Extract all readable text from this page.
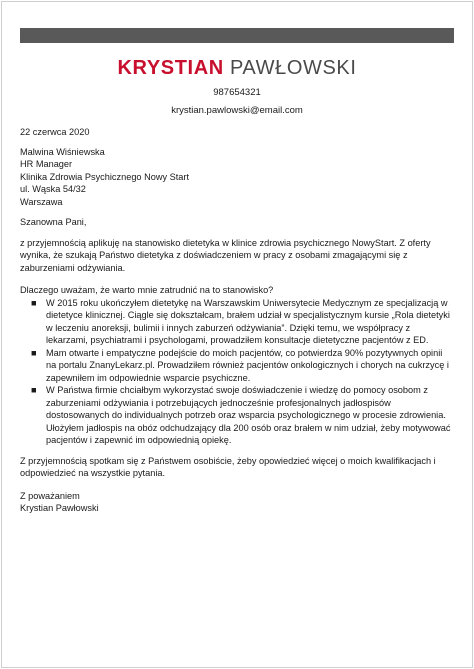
KRYSTIAN PAWŁOWSKI
987654321
krystian.pawlowski@email.com
22 czerwca 2020
Malwina Wiśniewska
HR Manager
Klinika Zdrowia Psychicznego Nowy Start
ul. Wąska 54/32
Warszawa
Szanowna Pani,

z przyjemnością aplikuję na stanowisko dietetyka w klinice zdrowia psychicznego NowyStart. Z oferty wynika, że szukają Państwo dietetyka z doświadczeniem w pracy z osobami zmagającymi się z zaburzeniami odżywiania.

Dlaczego uważam, że warto mnie zatrudnić na to stanowisko?

■ W 2015 roku ukończyłem dietetykę na Warszawskim Uniwersytecie Medycznym ze specjalizacją w dietetyce klinicznej. Ciągle się dokształcam, brałem udział w specjalistycznym kursie „Rola dietetyki w leczeniu anoreksji, bulimii i innych zaburzeń odżywiania”. Dzięki temu, we współpracy z lekarzami, psychiatrami i psychologami, prowadziłem konsultacje dietetyczne pacjentów z ED.
■ Mam otwarte i empatyczne podejście do moich pacjentów, co potwierdza 90% pozytywnych opinii na portalu ZnanyLekarz.pl. Prowadziłem również pacjentów onkologicznych i chorych na cukrzycę i zapewniłem im odpowiednie wsparcie psychiczne.
■ W Państwa firmie chciałbym wykorzystać swoje doświadczenie i wiedzę do pomocy osobom z zaburzeniami odżywiania i potrzebujących jednocześnie profesjonalnych jadłospisów dostosowanych do individualnych potrzeb oraz wsparcia psychologicznego w procesie zdrowienia. Ułożyłem jadłospis na obóz odchudzający dla 200 osób oraz brałem w nim udział, żeby motywować pacjentów i zapewnić im odpowiednią opiekę.

Z przyjemnością spotkam się z Państwem osobiście, żeby opowiedzieć więcej o moich kwalifikacjach i odpowiedzieć na wszystkie pytania.

Z poważaniem
Krystian Pawłowski
